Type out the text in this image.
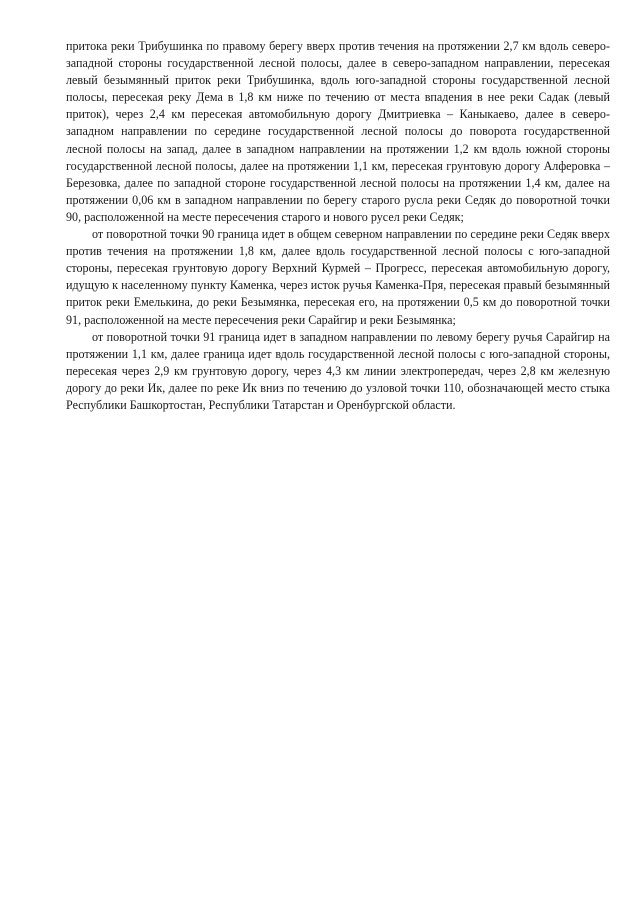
притока реки Трибушинка по правому берегу вверх против течения на протяжении 2,7 км вдоль северо-западной стороны государственной лесной полосы, далее в северо-западном направлении, пересекая левый безымянный приток реки Трибушинка, вдоль юго-западной стороны государственной лесной полосы, пересекая реку Дема в 1,8 км ниже по течению от места впадения в нее реки Садак (левый приток), через 2,4 км пересекая автомобильную дорогу Дмитриевка – Каныкаево, далее в северо-западном направлении по середине государственной лесной полосы до поворота государственной лесной полосы на запад, далее в западном направлении на протяжении 1,2 км вдоль южной стороны государственной лесной полосы, далее на протяжении 1,1 км, пересекая грунтовую дорогу Алферовка – Березовка, далее по западной стороне государственной лесной полосы на протяжении 1,4 км, далее на протяжении 0,06 км в западном направлении по берегу старого русла реки Седяк до поворотной точки 90, расположенной на месте пересечения старого и нового русел реки Седяк;

от поворотной точки 90 граница идет в общем северном направлении по середине реки Седяк вверх против течения на протяжении 1,8 км, далее вдоль государственной лесной полосы с юго-западной стороны, пересекая грунтовую дорогу Верхний Курмей – Прогресс, пересекая автомобильную дорогу, идущую к населенному пункту Каменка, через исток ручья Каменка-Пря, пересекая правый безымянный приток реки Емелькина, до реки Безымянка, пересекая его, на протяжении 0,5 км до поворотной точки 91, расположенной на месте пересечения реки Сарайгир и реки Безымянка;

от поворотной точки 91 граница идет в западном направлении по левому берегу ручья Сарайгир на протяжении 1,1 км, далее граница идет вдоль государственной лесной полосы с юго-западной стороны, пересекая через 2,9 км грунтовую дорогу, через 4,3 км линии электропередач, через 2,8 км железную дорогу до реки Ик, далее по реке Ик вниз по течению до узловой точки 110, обозначающей место стыка Республики Башкортостан, Республики Татарстан и Оренбургской области.
